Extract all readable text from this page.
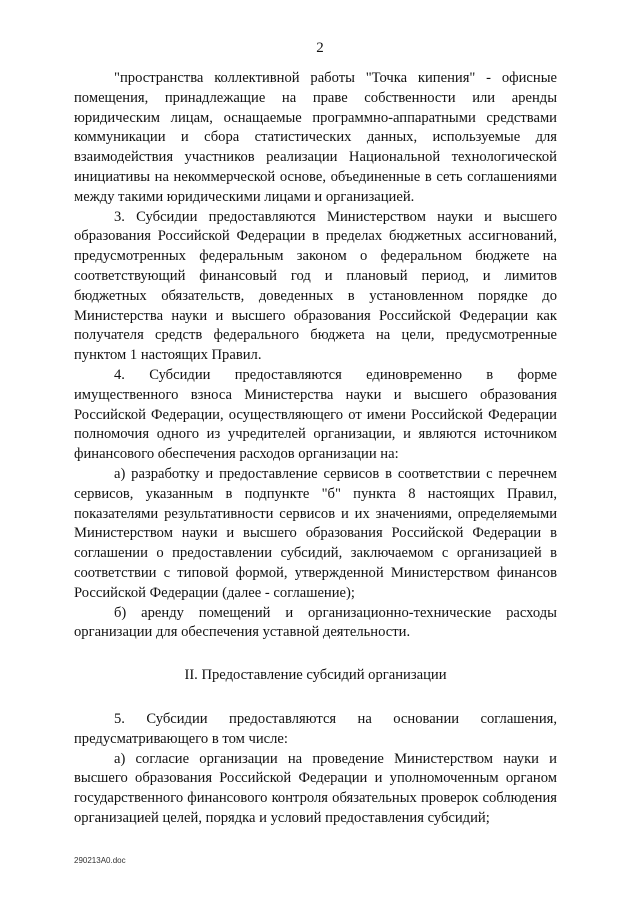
2

"пространства коллективной работы "Точка кипения" - офисные помещения, принадлежащие на праве собственности или аренды юридическим лицам, оснащаемые программно-аппаратными средствами коммуникации и сбора статистических данных, используемые для взаимодействия участников реализации Национальной технологической инициативы на некоммерческой основе, объединенные в сеть соглашениями между такими юридическими лицами и организацией.

3. Субсидии предоставляются Министерством науки и высшего образования Российской Федерации в пределах бюджетных ассигнований, предусмотренных федеральным законом о федеральном бюджете на соответствующий финансовый год и плановый период, и лимитов бюджетных обязательств, доведенных в установленном порядке до Министерства науки и высшего образования Российской Федерации как получателя средств федерального бюджета на цели, предусмотренные пунктом 1 настоящих Правил.

4. Субсидии предоставляются единовременно в форме имущественного взноса Министерства науки и высшего образования Российской Федерации, осуществляющего от имени Российской Федерации полномочия одного из учредителей организации, и являются источником финансового обеспечения расходов организации на:

а) разработку и предоставление сервисов в соответствии с перечнем сервисов, указанным в подпункте "б" пункта 8 настоящих Правил, показателями результативности сервисов и их значениями, определяемыми Министерством науки и высшего образования Российской Федерации в соглашении о предоставлении субсидий, заключаемом с организацией в соответствии с типовой формой, утвержденной Министерством финансов Российской Федерации (далее - соглашение);

б) аренду помещений и организационно-технические расходы организации для обеспечения уставной деятельности.

II. Предоставление субсидий организации

5. Субсидии предоставляются на основании соглашения, предусматривающего в том числе:

а) согласие организации на проведение Министерством науки и высшего образования Российской Федерации и уполномоченным органом государственного финансового контроля обязательных проверок соблюдения организацией целей, порядка и условий предоставления субсидий;

290213А0.doc
